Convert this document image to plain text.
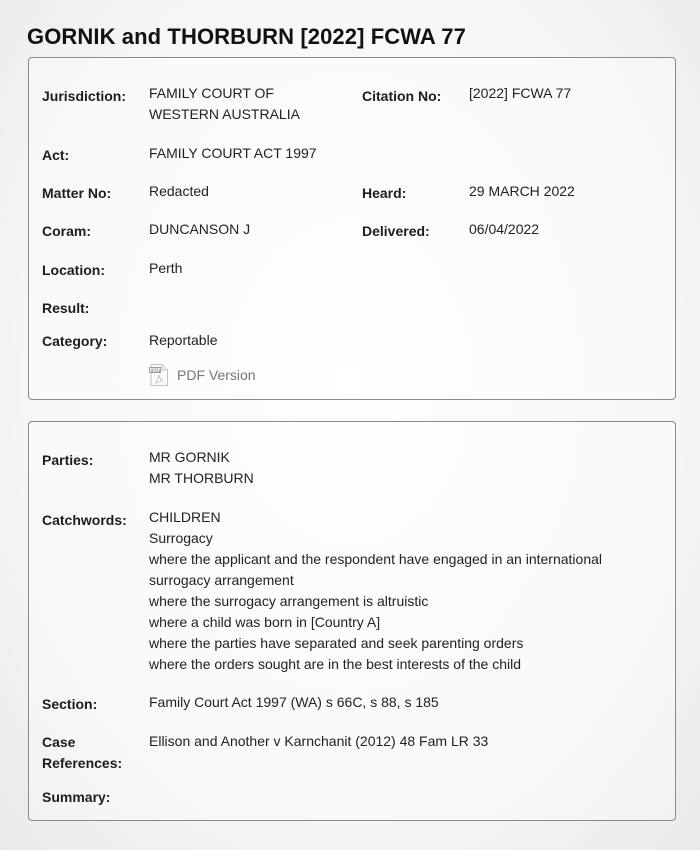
GORNIK and THORBURN [2022] FCWA 77
Jurisdiction: FAMILY COURT OF
WESTERN AUSTRALIA
Citation No: [2022] FCWA 77
Act:	FAMILY COURT ACT 1997
Matter No:	Redacted	Heard:	29 MARCH 2022
Coram:	DUNCANSON J	Delivered:	06/04/2022
Location:	Perth
Result:
Category:	Reportable
PDF PDF Version
Parties:	MR GORNIK
MR THORBURN
Catchwords: CHILDREN
Surrogacy
where the applicant and the respondent have engaged in an international
surrogacy arrangement
where the surrogacy arrangement is altruistic
where a child was born in [Country A]
where the parties have separated and seek parenting orders
where the orders sought are in the best interests of the child
Section:	Family Court Act 1997 (WA) s 66C, s 88, s 185
Case
References:
Ellison and Another v Karnchanit (2012) 48 Fam LR 33
Summary:
